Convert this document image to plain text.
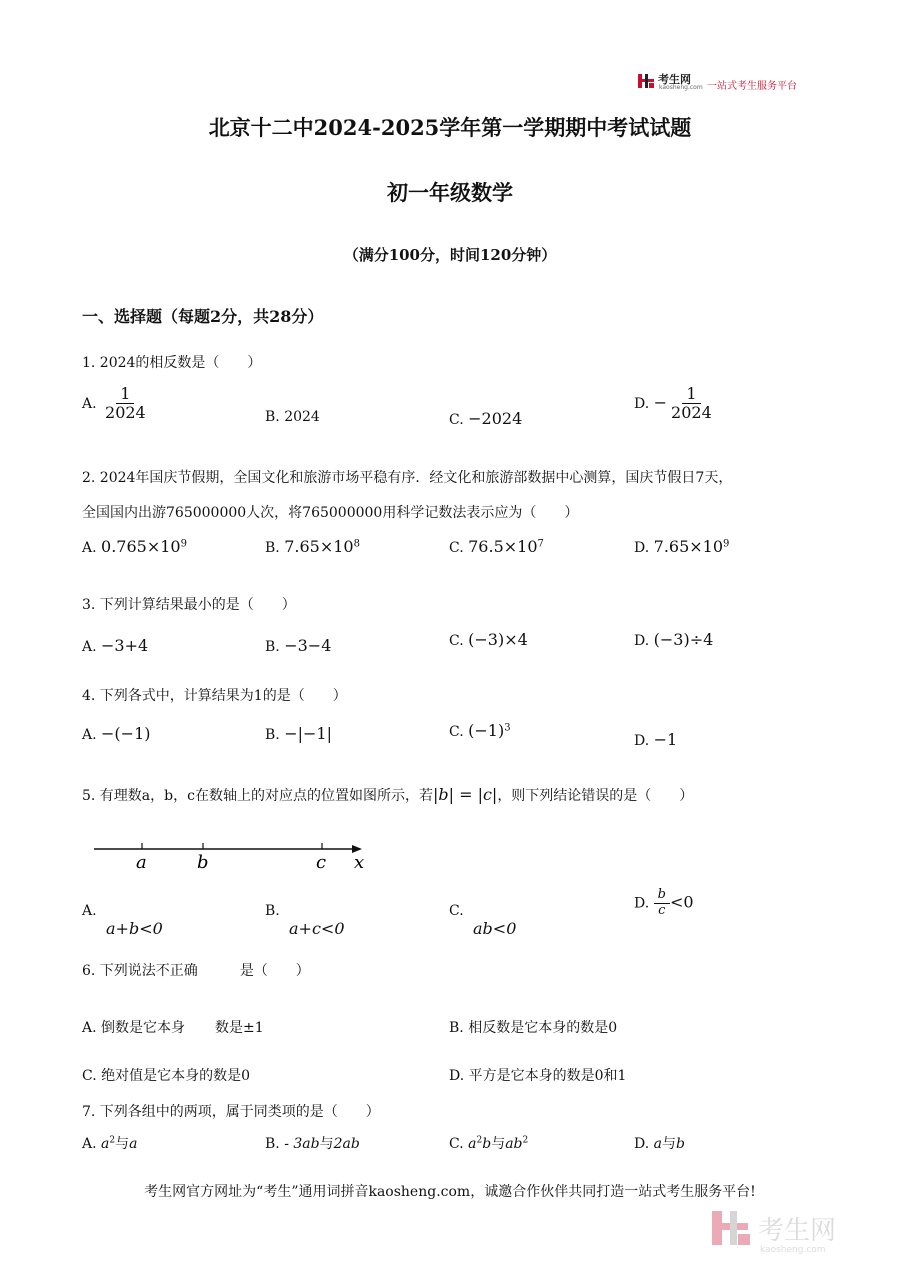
考生网
kaosheng.com 一站式考生服务平台
北京十二中2024-2025学年第一学期期中考试试题
初一年级数学
（满分100分，时间120分钟）
一、选择题（每题2分，共28分）
1. 2024的相反数是（　　）
A. $\frac{1}{2024}$	B. 2024	C. −2024
D. − $\frac{1}{2024}$
2. 2024年国庆节假期，全国文化和旅游市场平稳有序．经文化和旅游部数据中心测算，国庆节假日7天，
全国国内出游765000000人次，将765000000用科学记数法表示应为（　　）
A. $0.765\times 10^9$	B. $7.65\times 10^8$	C. $76.5\times 10^7$	D. $7.65\times 10^9$
3. 下列计算结果最小的是（　　）
A. −3+4	B. −3−4	C. (−3)×4	D. (−3)÷4
4. 下列各式中，计算结果为1的是（　　）
A. −(−1)	B. −|−1|	C. $(-1)^3$
D. −1
5. 有理数a，b，c在数轴上的对应点的位置如图所示，若|b| = |c|，则下列结论错误的是（　　）
a	b	c x
A.
a+b<0
B.
a+c<0
C.
ab<0
D. $\frac{b}{c} <0$
6. 下列说法不正确	是（　　）
A. 倒数是它本身 数是±1	B. 相反数是它本身的数是0
C. 绝对值是它本身的数是0	D. 平方是它本身的数是0和1
7. 下列各组中的两项，属于同类项的是（　　）
A. $a^2$与a	B. - 3ab与2ab	C. $a^2b$与$ab^2$	D. a与b
考生网官方网址为“考生”通用词拼音kaosheng.com，诚邀合作伙伴共同打造一站式考生服务平台!
考生网
kaosheng.com
